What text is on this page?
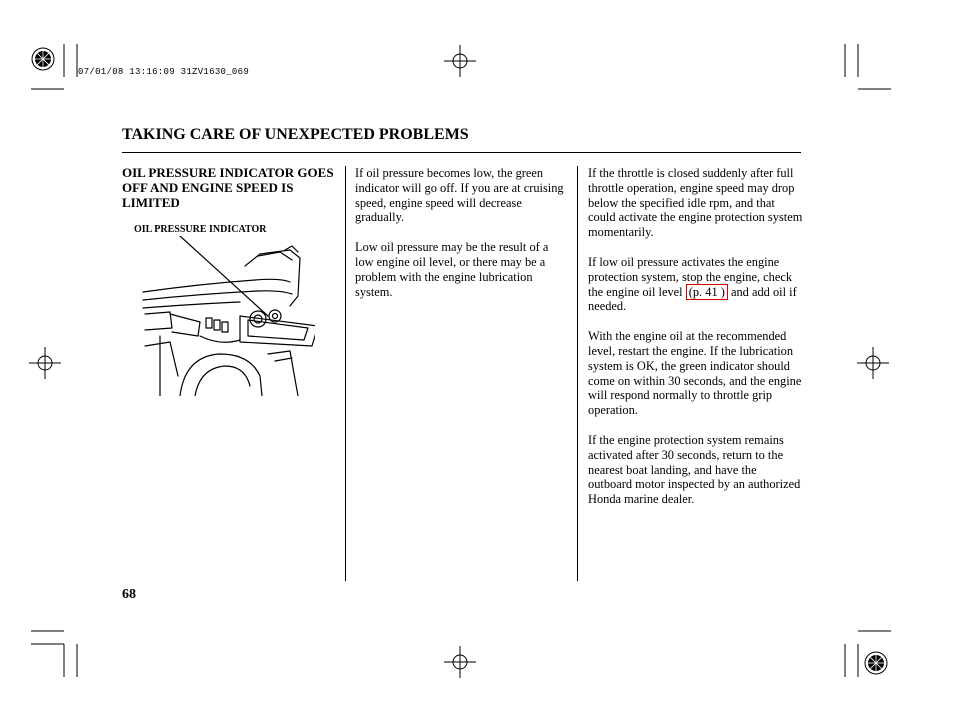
07/01/08 13:16:09 31ZV1630_069
TAKING CARE OF UNEXPECTED PROBLEMS
OIL PRESSURE INDICATOR GOES OFF AND ENGINE SPEED IS LIMITED
OIL PRESSURE INDICATOR

If oil pressure becomes low, the green indicator will go off. If you are at cruising speed, engine speed will decrease gradually.

Low oil pressure may be the result of a low engine oil level, or there may be a problem with the engine lubrication system.

If the throttle is closed suddenly after full throttle operation, engine speed may drop below the specified idle rpm, and that could activate the engine protection system momentarily.

If low oil pressure activates the engine protection system, stop the engine, check the engine oil level (p. 41 ) and add oil if needed.

With the engine oil at the recommended level, restart the engine. If the lubrication system is OK, the green indicator should come on within 30 seconds, and the engine will respond normally to throttle grip operation.

If the engine protection system remains activated after 30 seconds, return to the nearest boat landing, and have the outboard motor inspected by an authorized Honda marine dealer.

68
